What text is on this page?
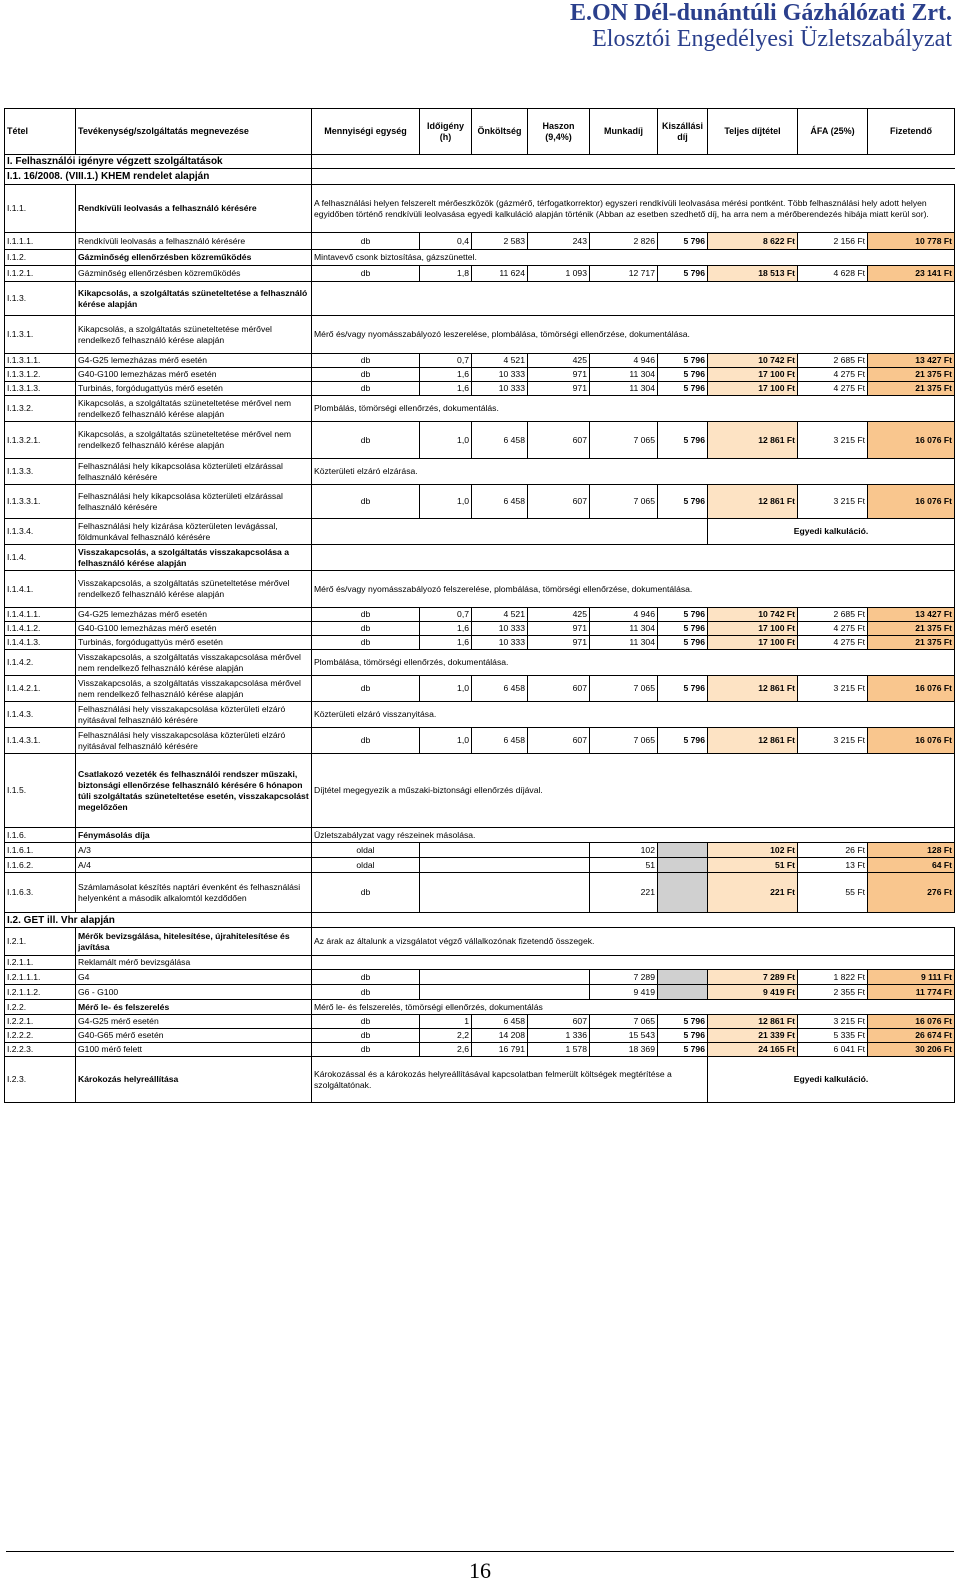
E.ON Dél-dunántúli Gázhálózati Zrt.
Elosztói Engedélyesi Üzletszabályzat
Tétel	Tevékenység/szolgáltatás megnevezése	Mennyiségi egység	Időigény (h)	Önköltség	Haszon (9,4%)	Munkadíj	Kiszállási díj	Teljes díjtétel	ÁFA (25%)	Fizetendő
I. Felhasználói igényre végzett szolgáltatások										
I.1. 16/2008. (VIII.1.) KHEM rendelet alapján										
I.1.1.	Rendkívüli leolvasás a felhasználó kérésére	A felhasználási helyen felszerelt mérőeszközök (gázmérő, térfogatkorrektor) egyszeri rendkívüli leolvasása mérési pontként. Több felhasználási hely adott helyen egyidőben történő rendkívüli leolvasása egyedi kalkuláció alapján történik (Abban az esetben szedhető díj, ha arra nem a mérőberendezés hibája miatt kerül sor).								
I.1.1.1.	Rendkívüli leolvasás a felhasználó kérésére	db	0,4	2 583	243	2 826	5 796	8 622 Ft	2 156 Ft	10 778 Ft
I.1.2.	Gázminőség ellenőrzésben közreműködés	Mintavevő csonk biztosítása, gázszünettel.								
I.1.2.1.	Gázminőség ellenőrzésben közreműködés	db	1,8	11 624	1 093	12 717	5 796	18 513 Ft	4 628 Ft	23 141 Ft
I.1.3.	Kikapcsolás, a szolgáltatás szüneteltetése a felhasználó kérése alapján									
I.1.3.1.	Kikapcsolás, a szolgáltatás szüneteltetése mérővel rendelkező felhasználó kérése alapján	Mérő és/vagy nyomásszabályozó leszerelése, plombálása, tömörségi ellenőrzése, dokumentálása.								
I.1.3.1.1.	G4-G25 lemezházas mérő esetén	db	0,7	4 521	425	4 946	5 796	10 742 Ft	2 685 Ft	13 427 Ft
I.1.3.1.2.	G40-G100 lemezházas mérő esetén	db	1,6	10 333	971	11 304	5 796	17 100 Ft	4 275 Ft	21 375 Ft
I.1.3.1.3.	Turbinás, forgódugattyús mérő esetén	db	1,6	10 333	971	11 304	5 796	17 100 Ft	4 275 Ft	21 375 Ft
I.1.3.2.	Kikapcsolás, a szolgáltatás szüneteltetése mérővel nem rendelkező felhasználó kérése alapján	Plombálás, tömörségi ellenőrzés, dokumentálás.								
I.1.3.2.1.	Kikapcsolás, a szolgáltatás szüneteltetése mérővel nem rendelkező felhasználó kérése alapján	db	1,0	6 458	607	7 065	5 796	12 861 Ft	3 215 Ft	16 076 Ft
I.1.3.3.	Felhasználási hely kikapcsolása közterületi elzárással felhasználó kérésére	Közterületi elzáró elzárása.								
I.1.3.3.1.	Felhasználási hely kikapcsolása közterületi elzárással felhasználó kérésére	db	1,0	6 458	607	7 065	5 796	12 861 Ft	3 215 Ft	16 076 Ft
I.1.3.4.	Felhasználási hely kizárása közterületen levágással, földmunkával felhasználó kérésére							Egyedi kalkuláció.		
I.1.4.	Visszakapcsolás, a szolgáltatás visszakapcsolása a felhasználó kérése alapján									
I.1.4.1.	Visszakapcsolás, a szolgáltatás szüneteltetése mérővel rendelkező felhasználó kérése alapján	Mérő és/vagy nyomásszabályozó felszerelése, plombálása, tömörségi ellenőrzése, dokumentálása.								
I.1.4.1.1.	G4-G25 lemezházas mérő esetén	db	0,7	4 521	425	4 946	5 796	10 742 Ft	2 685 Ft	13 427 Ft
I.1.4.1.2.	G40-G100 lemezházas mérő esetén	db	1,6	10 333	971	11 304	5 796	17 100 Ft	4 275 Ft	21 375 Ft
I.1.4.1.3.	Turbinás, forgódugattyús mérő esetén	db	1,6	10 333	971	11 304	5 796	17 100 Ft	4 275 Ft	21 375 Ft
I.1.4.2.	Visszakapcsolás, a szolgáltatás visszakapcsolása mérővel nem rendelkező felhasználó kérése alapján	Plombálása, tömörségi ellenőrzés, dokumentálása.								
I.1.4.2.1.	Visszakapcsolás, a szolgáltatás visszakapcsolása mérővel nem rendelkező felhasználó kérése alapján	db	1,0	6 458	607	7 065	5 796	12 861 Ft	3 215 Ft	16 076 Ft
I.1.4.3.	Felhasználási hely visszakapcsolása közterületi elzáró nyitásával felhasználó kérésére	Közterületi elzáró visszanyitása.								
I.1.4.3.1.	Felhasználási hely visszakapcsolása közterületi elzáró nyitásával felhasználó kérésére	db	1,0	6 458	607	7 065	5 796	12 861 Ft	3 215 Ft	16 076 Ft
I.1.5.	Csatlakozó vezeték és felhasználói rendszer műszaki, biztonsági ellenőrzése felhasználó kérésére 6 hónapon túli szolgáltatás szüneteltetése esetén, visszakapcsolást megelőzően	Díjtétel megegyezik a műszaki-biztonsági ellenőrzés díjával.								
I.1.6.	Fénymásolás díja	Üzletszabályzat vagy részeinek másolása.								
I.1.6.1.	A/3	oldal				102		102 Ft	26 Ft	128 Ft
I.1.6.2.	A/4	oldal				51		51 Ft	13 Ft	64 Ft
I.1.6.3.	Számlamásolat készítés naptári évenként és felhasználási helyenként a második alkalomtól kezdődően	db				221		221 Ft	55 Ft	276 Ft
I.2. GET ill. Vhr alapján										
I.2.1.	Mérők bevizsgálása, hitelesítése, újrahitelesítése és javítása	Az árak az általunk a vizsgálatot végző vállalkozónak fizetendő összegek.								
I.2.1.1.	Reklamált mérő bevizsgálása									
I.2.1.1.1.	G4	db				7 289		7 289 Ft	1 822 Ft	9 111 Ft
I.2.1.1.2.	G6 - G100	db				9 419		9 419 Ft	2 355 Ft	11 774 Ft
I.2.2.	Mérő le- és felszerelés	Mérő le- és felszerelés, tömörségi ellenőrzés, dokumentálás								
I.2.2.1.	G4-G25 mérő esetén	db	1	6 458	607	7 065	5 796	12 861 Ft	3 215 Ft	16 076 Ft
I.2.2.2.	G40-G65 mérő esetén	db	2,2	14 208	1 336	15 543	5 796	21 339 Ft	5 335 Ft	26 674 Ft
I.2.2.3.	G100 mérő felett	db	2,6	16 791	1 578	18 369	5 796	24 165 Ft	6 041 Ft	30 206 Ft
I.2.3.	Károkozás helyreállítása	Károkozással és a károkozás helyreállításával kapcsolatban felmerült költségek megtérítése a szolgáltatónak.						Egyedi kalkuláció.		
16
